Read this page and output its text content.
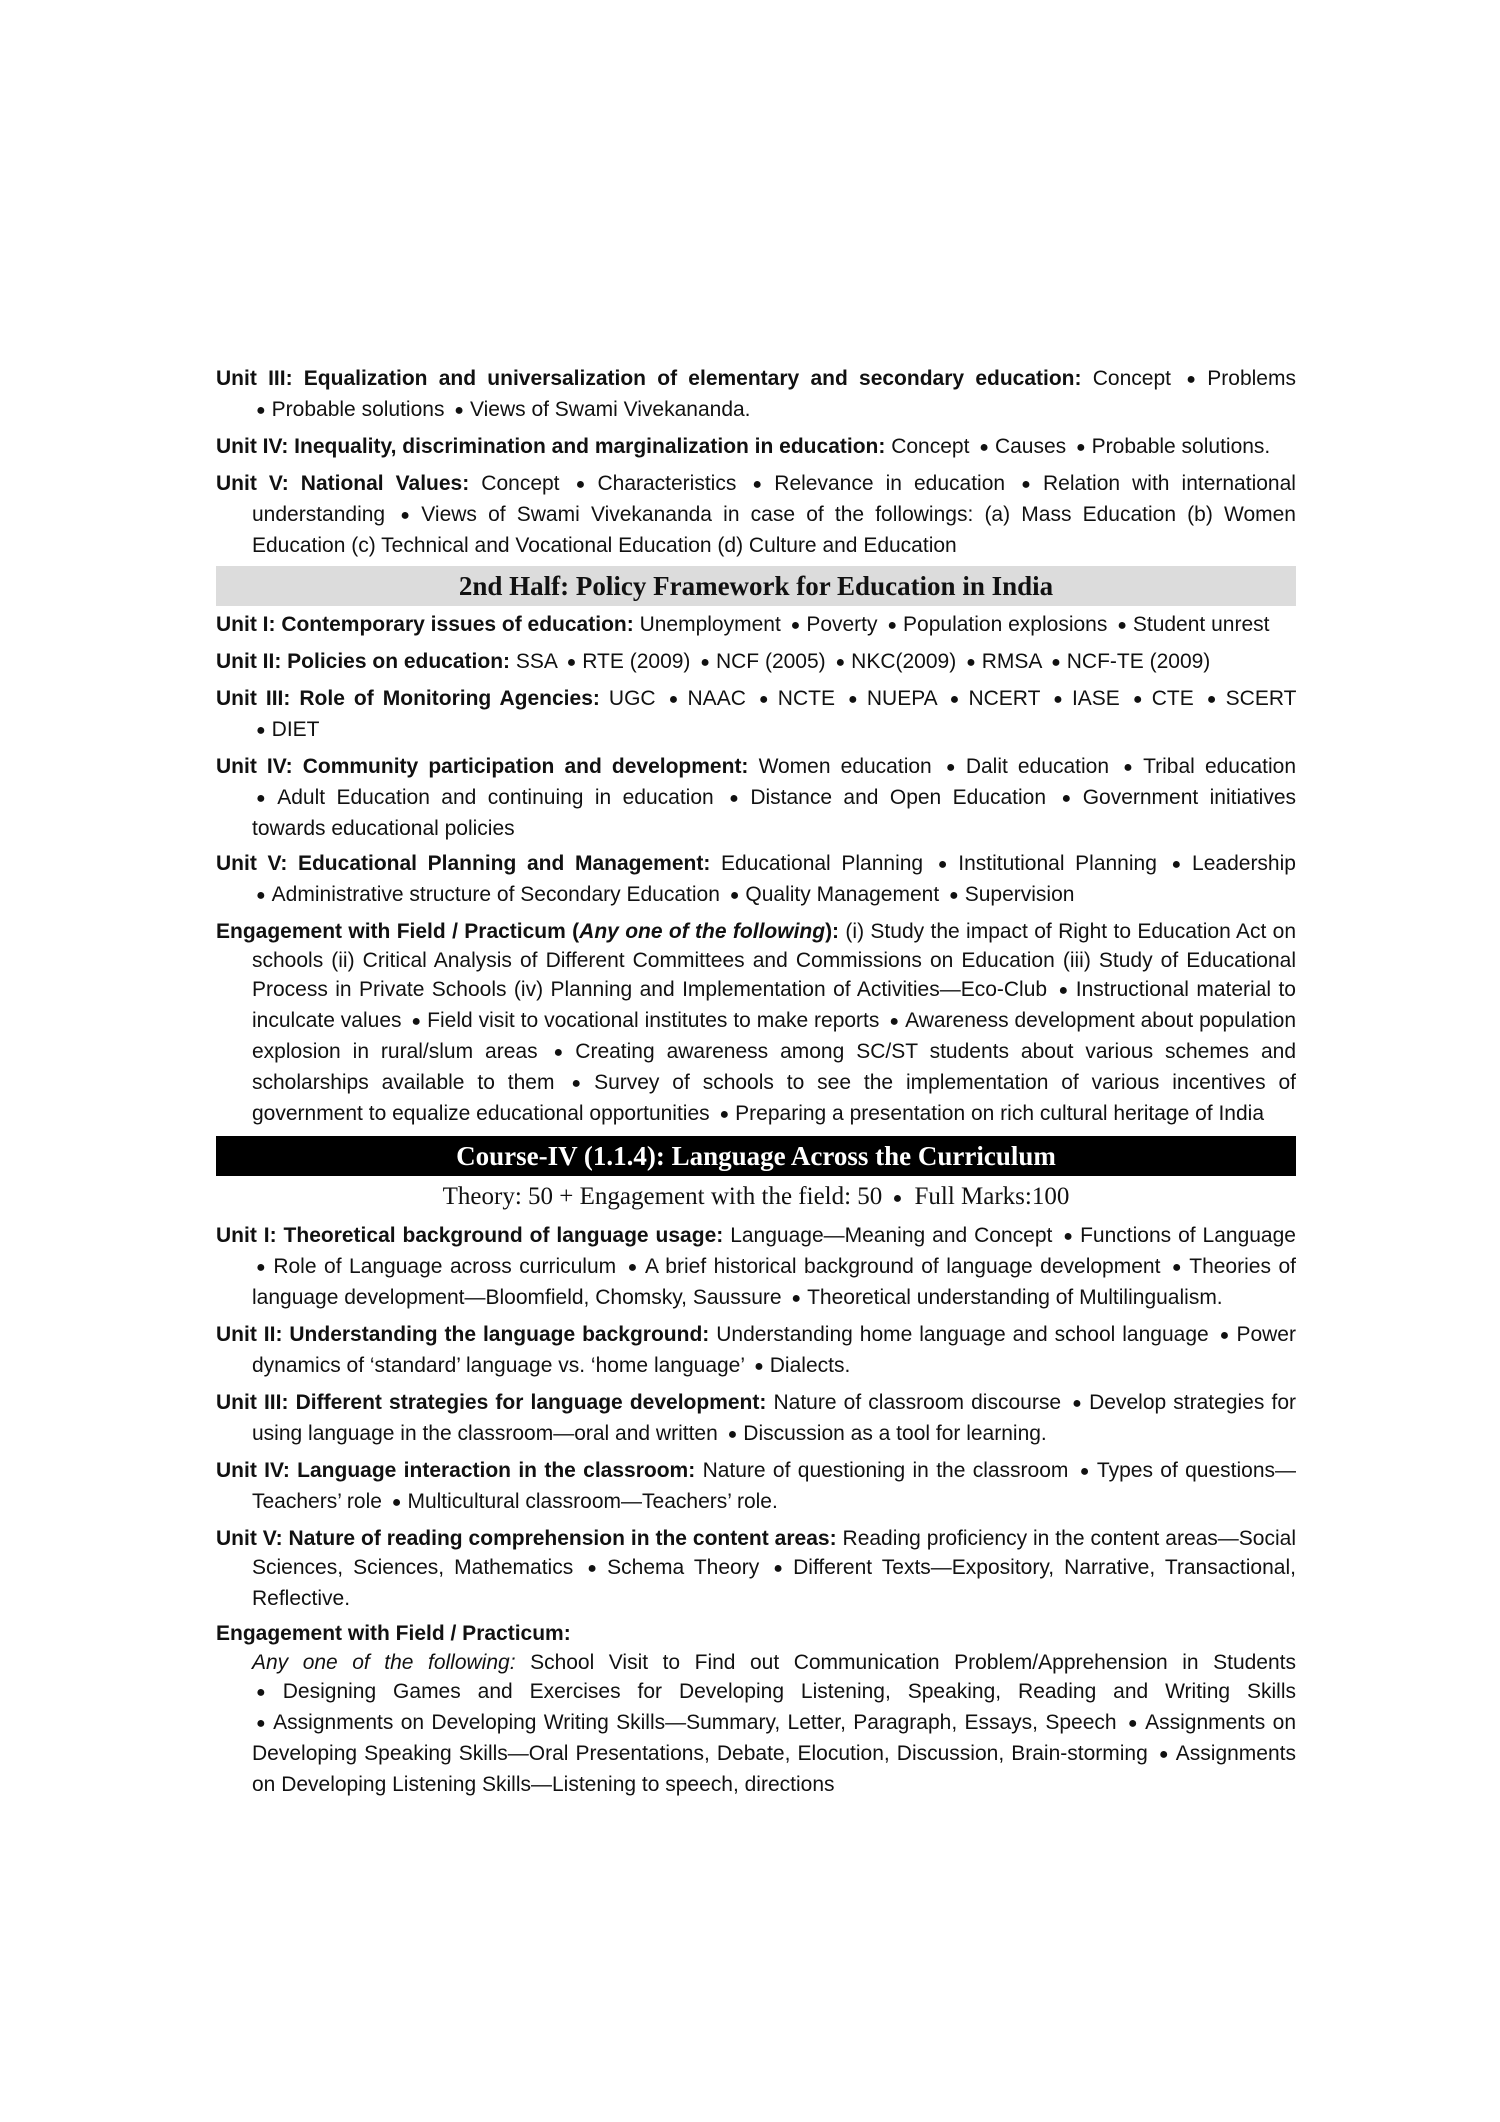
Unit III: Equalization and universalization of elementary and secondary education: Concept ● Problems ● Probable solutions ● Views of Swami Vivekananda.
Unit IV: Inequality, discrimination and marginalization in education: Concept ● Causes ● Probable solutions.
Unit V: National Values: Concept ● Characteristics ● Relevance in education ● Relation with international understanding ● Views of Swami Vivekananda in case of the followings: (a) Mass Education (b) Women Education (c) Technical and Vocational Education (d) Culture and Education
2nd Half: Policy Framework for Education in India
Unit I: Contemporary issues of education: Unemployment ● Poverty ● Population explosions ● Student unrest
Unit II: Policies on education: SSA ● RTE (2009) ● NCF (2005) ● NKC(2009) ● RMSA ● NCF-TE (2009)
Unit III: Role of Monitoring Agencies: UGC ● NAAC ● NCTE ● NUEPA ● NCERT ● IASE ● CTE ● SCERT ● DIET
Unit IV: Community participation and development: Women education ● Dalit education ● Tribal education ● Adult Education and continuing in education ● Distance and Open Education ● Government initiatives towards educational policies
Unit V: Educational Planning and Management: Educational Planning ● Institutional Planning ● Leadership ● Administrative structure of Secondary Education ● Quality Management ● Supervision
Engagement with Field / Practicum (Any one of the following): (i) Study the impact of Right to Education Act on schools (ii) Critical Analysis of Different Committees and Commissions on Education (iii) Study of Educational Process in Private Schools (iv) Planning and Implementation of Activities—Eco-Club ● Instructional material to inculcate values ● Field visit to vocational institutes to make reports ● Awareness development about population explosion in rural/slum areas ● Creating awareness among SC/ST students about various schemes and scholarships available to them ● Survey of schools to see the implementation of various incentives of government to equalize educational opportunities ● Preparing a presentation on rich cultural heritage of India
Course-IV (1.1.4): Language Across the Curriculum
Theory: 50 + Engagement with the field: 50 ● Full Marks:100
Unit I: Theoretical background of language usage: Language—Meaning and Concept ● Functions of Language ● Role of Language across curriculum ● A brief historical background of language development ● Theories of language development—Bloomfield, Chomsky, Saussure ● Theoretical understanding of Multilingualism.
Unit II: Understanding the language background: Understanding home language and school language ● Power dynamics of ‘standard’ language vs. ‘home language’ ● Dialects.
Unit III: Different strategies for language development: Nature of classroom discourse ● Develop strategies for using language in the classroom—oral and written ● Discussion as a tool for learning.
Unit IV: Language interaction in the classroom: Nature of questioning in the classroom ● Types of questions—Teachers’ role ● Multicultural classroom—Teachers’ role.
Unit V: Nature of reading comprehension in the content areas: Reading proficiency in the content areas—Social Sciences, Sciences, Mathematics ● Schema Theory ● Different Texts—Expository, Narrative, Transactional, Reflective.
Engagement with Field / Practicum:
Any one of the following: School Visit to Find out Communication Problem/Apprehension in Students ● Designing Games and Exercises for Developing Listening, Speaking, Reading and Writing Skills ● Assignments on Developing Writing Skills—Summary, Letter, Paragraph, Essays, Speech ● Assignments on Developing Speaking Skills—Oral Presentations, Debate, Elocution, Discussion, Brain-storming ● Assignments on Developing Listening Skills—Listening to speech, directions
